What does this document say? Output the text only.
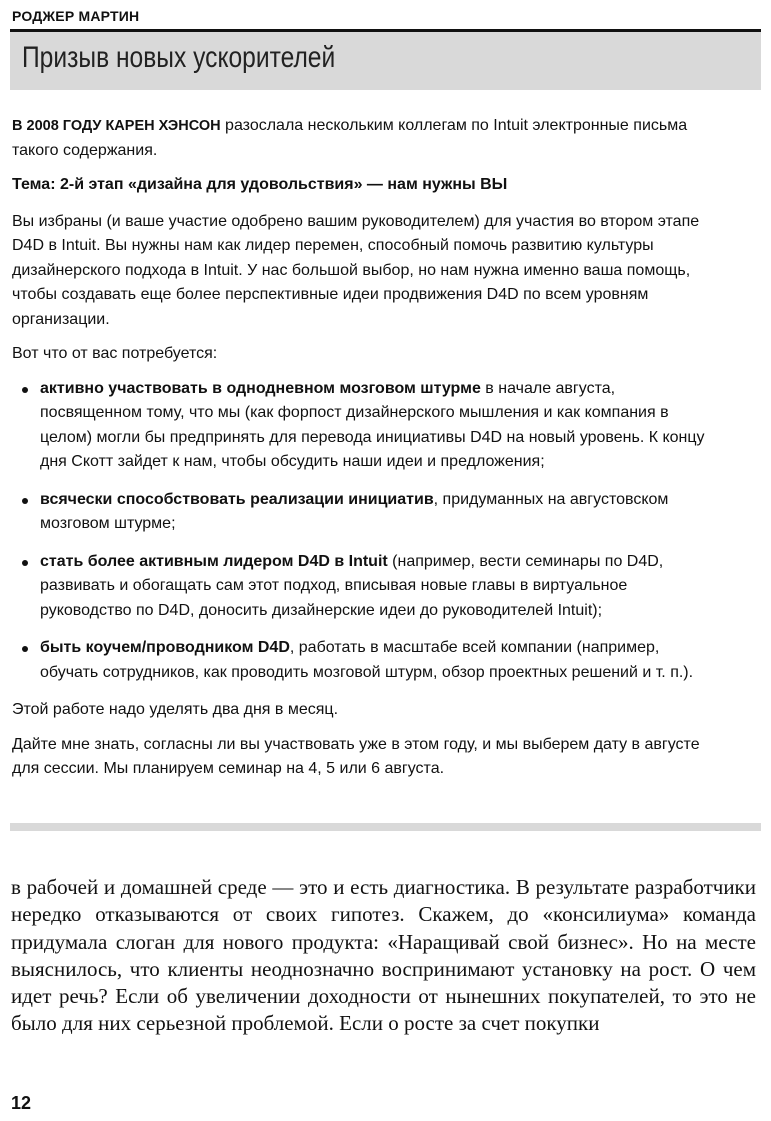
РОДЖЕР МАРТИН
Призыв новых ускорителей

В 2008 ГОДУ КАРЕН ХЭНСОН разослала нескольким коллегам по Intuit электронные письма такого содержания.

Тема: 2-й этап «дизайна для удовольствия» — нам нужны ВЫ

Вы избраны (и ваше участие одобрено вашим руководителем) для участия во втором этапе D4D в Intuit. Вы нужны нам как лидер перемен, способный помочь развитию культуры дизайнерского подхода в Intuit. У нас большой выбор, но нам нужна именно ваша помощь, чтобы создавать еще более перспективные идеи продвижения D4D по всем уровням организации.

Вот что от вас потребуется:

активно участвовать в однодневном мозговом штурме в начале августа, посвященном тому, что мы (как форпост дизайнерского мышления и как компания в целом) могли бы предпринять для перевода инициативы D4D на новый уровень. К концу дня Скотт зайдет к нам, чтобы обсудить наши идеи и предложения;
всячески способствовать реализации инициатив, придуманных на августовском мозговом штурме;
стать более активным лидером D4D в Intuit (например, вести семинары по D4D, развивать и обогащать сам этот подход, вписывая новые главы в виртуальное руководство по D4D, доносить дизайнерские идеи до руководителей Intuit);
быть коучем/проводником D4D, работать в масштабе всей компании (например, обучать сотрудников, как проводить мозговой штурм, обзор проектных решений и т. п.).

Этой работе надо уделять два дня в месяц.

Дайте мне знать, согласны ли вы участвовать уже в этом году, и мы выберем дату в августе для сессии. Мы планируем семинар на 4, 5 или 6 августа.

в рабочей и домашней среде — это и есть диагностика. В результате разработчики нередко отказываются от своих гипотез. Скажем, до «консилиума» команда придумала слоган для нового продукта: «Наращивай свой бизнес». Но на месте выяснилось, что клиенты неоднозначно воспринимают установку на рост. О чем идет речь? Если об увеличении доходности от нынешних покупателей, то это не было для них серьезной проблемой. Если о росте за счет покупки
12
